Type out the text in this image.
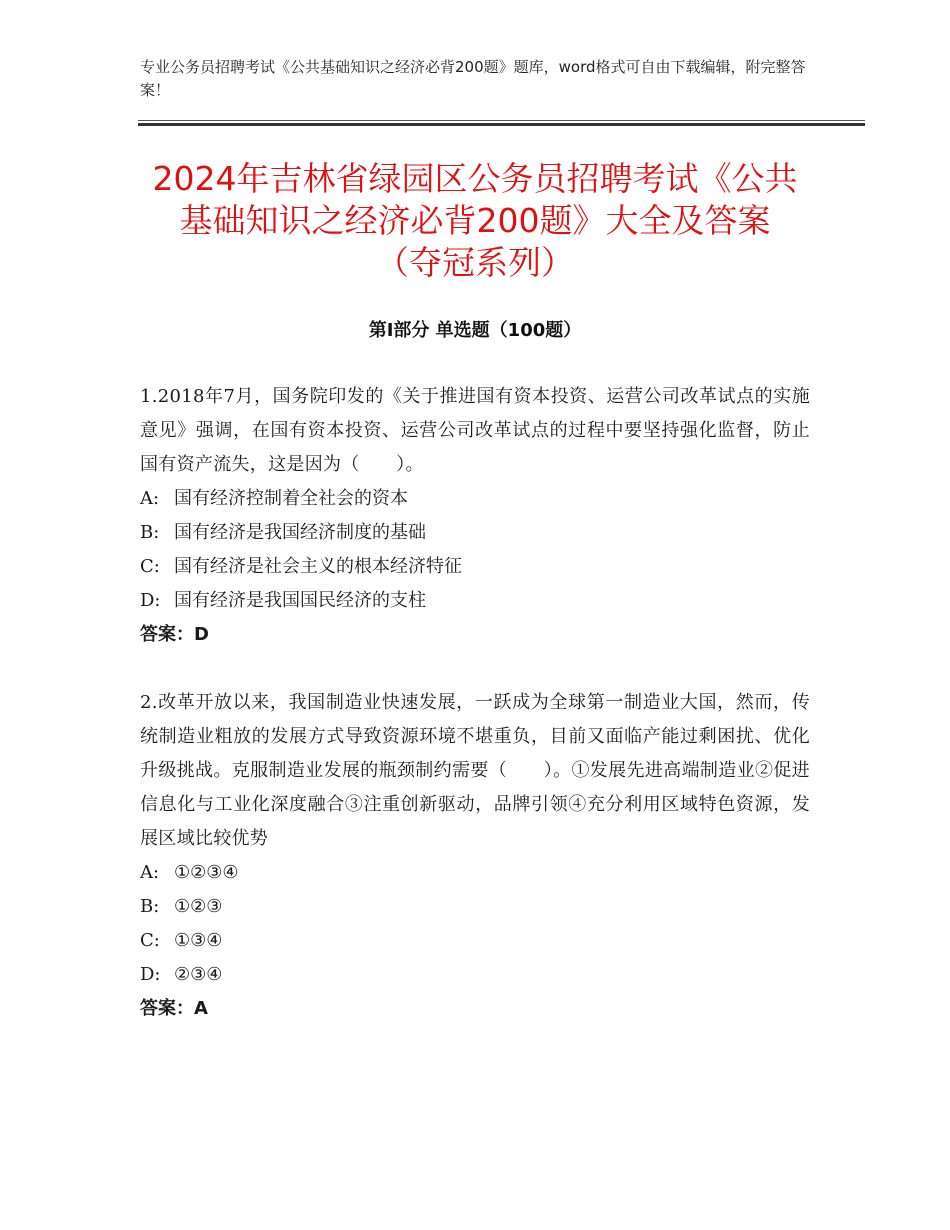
专业公务员招聘考试《公共基础知识之经济必背200题》题库，word格式可自由下载编辑，附完整答案！
2024年吉林省绿园区公务员招聘考试《公共
基础知识之经济必背200题》大全及答案
（夺冠系列）
第Ⅰ部分 单选题（100题）
1.2018年7月，国务院印发的《关于推进国有资本投资、运营公司改革试点的实施意见》强调，在国有资本投资、运营公司改革试点的过程中要坚持强化监督，防止国有资产流失，这是因为（　　）。
A: 国有经济控制着全社会的资本
B: 国有经济是我国经济制度的基础
C: 国有经济是社会主义的根本经济特征
D: 国有经济是我国国民经济的支柱
答案：D
2.改革开放以来，我国制造业快速发展，一跃成为全球第一制造业大国，然而，传统制造业粗放的发展方式导致资源环境不堪重负，目前又面临产能过剩困扰、优化升级挑战。克服制造业发展的瓶颈制约需要（　　）。①发展先进高端制造业②促进信息化与工业化深度融合③注重创新驱动，品牌引领④充分利用区域特色资源，发展区域比较优势
A: ①②③④
B: ①②③
C: ①③④
D: ②③④
答案：A
